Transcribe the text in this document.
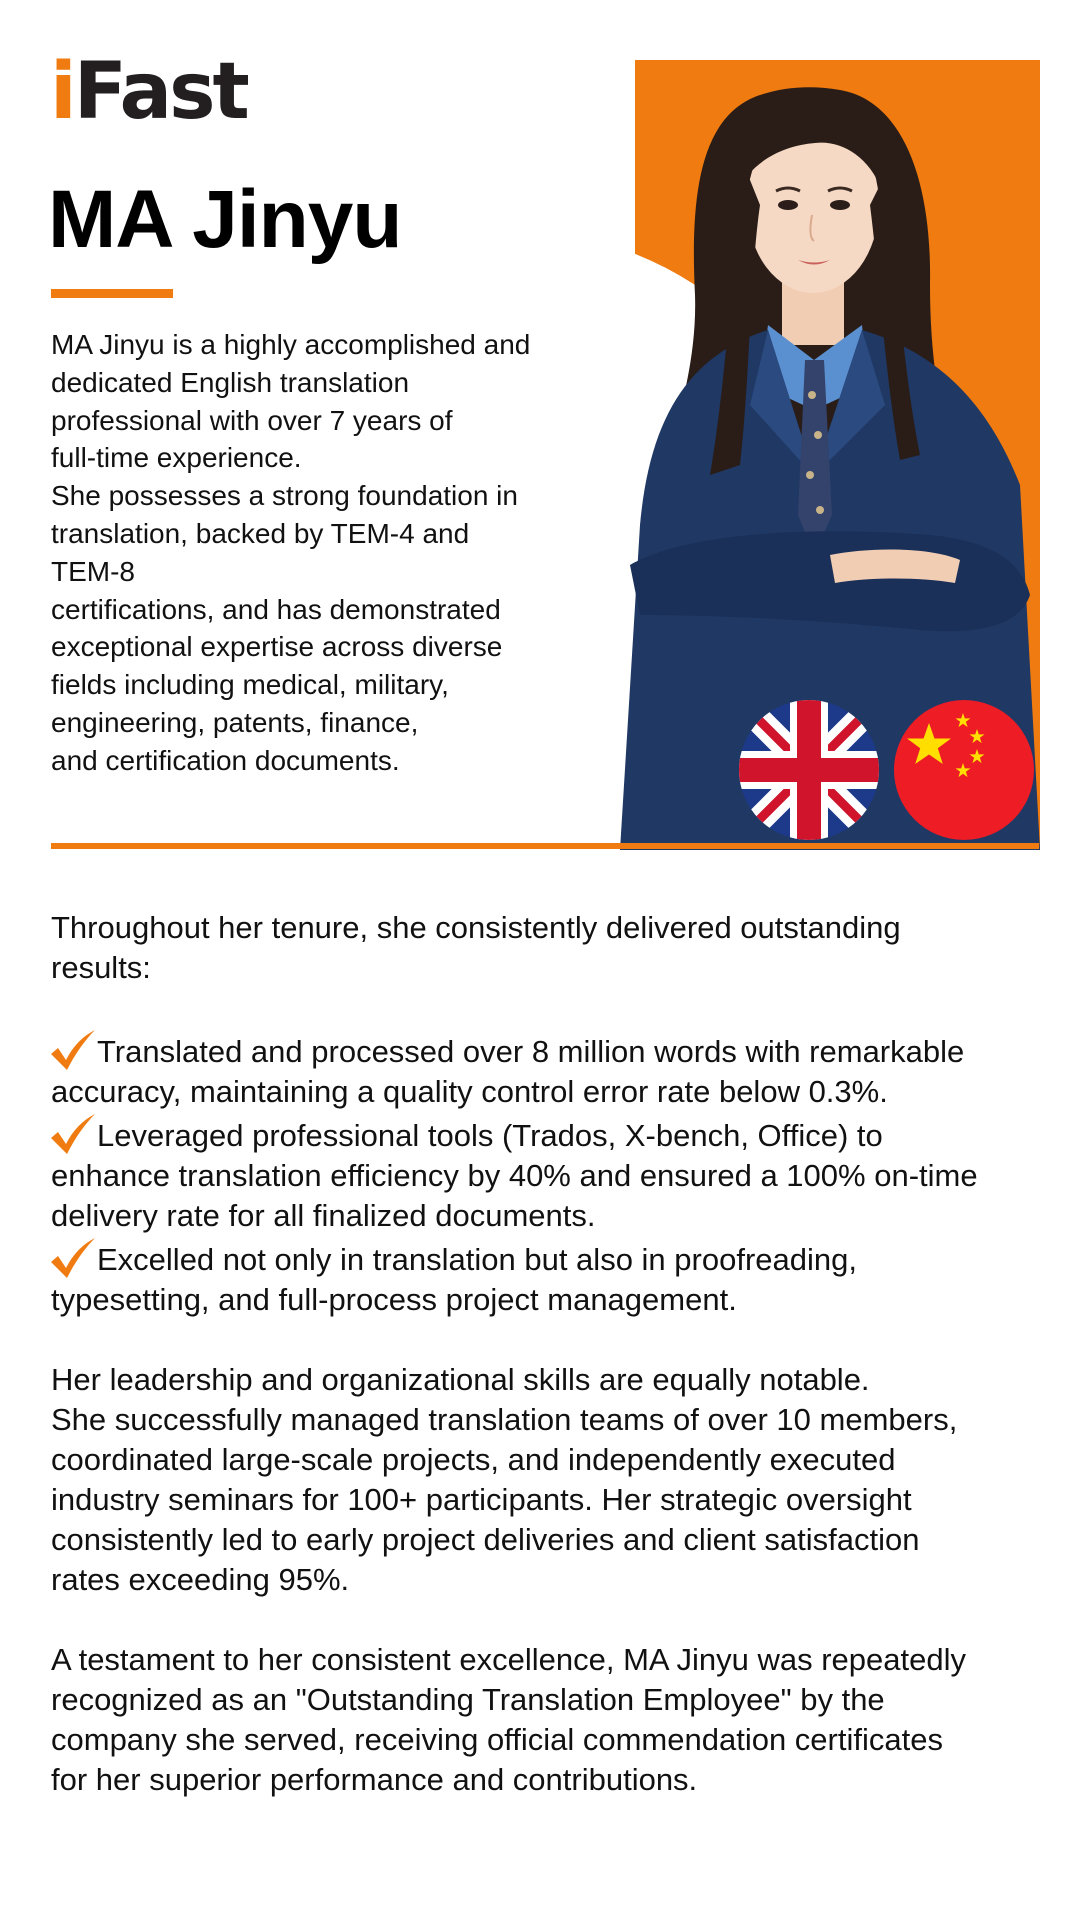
iFast
MA Jinyu

MA Jinyu is a highly accomplished and

dedicated English translation

professional with over 7 years of

full-time experience.

She possesses a strong foundation in

translation, backed by TEM-4 and

TEM-8

certifications, and has demonstrated

exceptional expertise across diverse

fields including medical, military,

engineering, patents, finance,

and certification documents.

Throughout her tenure, she consistently delivered outstanding

results:

Translated and processed over 8 million words with remarkable

accuracy, maintaining a quality control error rate below 0.3%.

Leveraged professional tools (Trados, X-bench, Office) to

enhance translation efficiency by 40% and ensured a 100% on-time

delivery rate for all finalized documents.

Excelled not only in translation but also in proofreading,

typesetting, and full-process project management.

Her leadership and organizational skills are equally notable.

She successfully managed translation teams of over 10 members,

coordinated large-scale projects, and independently executed

industry seminars for 100+ participants. Her strategic oversight

consistently led to early project deliveries and client satisfaction

rates exceeding 95%.

A testament to her consistent excellence, MA Jinyu was repeatedly

recognized as an "Outstanding Translation Employee" by the

company she served, receiving official commendation certificates

for her superior performance and contributions.
